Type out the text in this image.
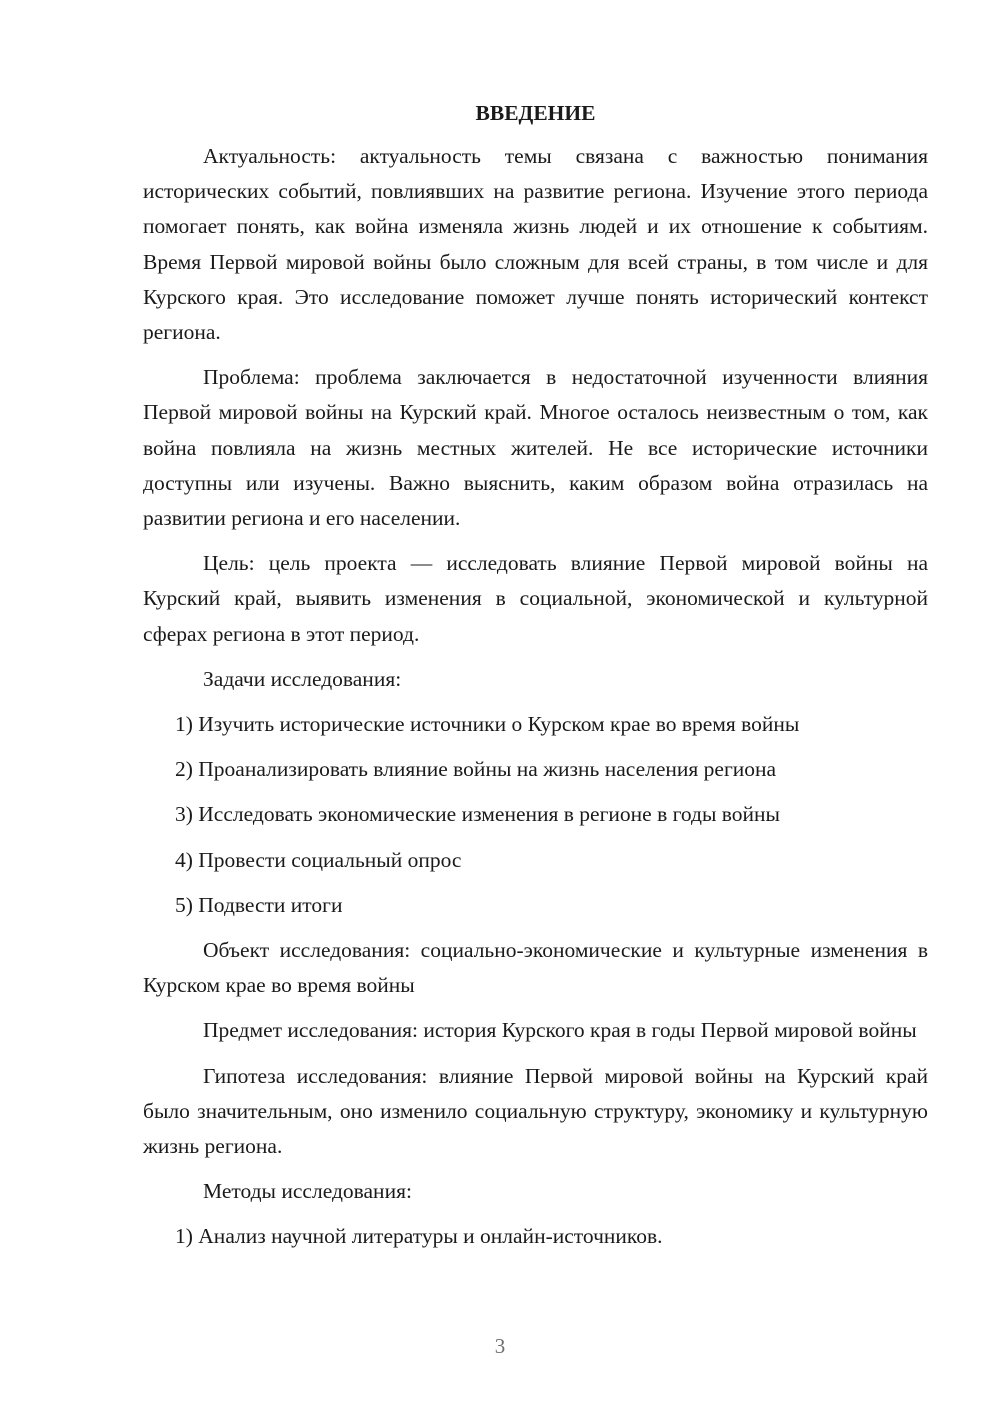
ВВЕДЕНИЕ

Актуальность: актуальность темы связана с важностью понимания исторических событий, повлиявших на развитие региона. Изучение этого периода помогает понять, как война изменяла жизнь людей и их отношение к событиям. Время Первой мировой войны было сложным для всей страны, в том числе и для Курского края. Это исследование поможет лучше понять исторический контекст региона.

Проблема: проблема заключается в недостаточной изученности влияния Первой мировой войны на Курский край. Многое осталось неизвестным о том, как война повлияла на жизнь местных жителей. Не все исторические источники доступны или изучены. Важно выяснить, каким образом война отразилась на развитии региона и его населении.

Цель: цель проекта — исследовать влияние Первой мировой войны на Курский край, выявить изменения в социальной, экономической и культурной сферах региона в этот период.

Задачи исследования:
1) Изучить исторические источники о Курском крае во время войны
2) Проанализировать влияние войны на жизнь населения региона
3) Исследовать экономические изменения в регионе в годы войны
4) Провести социальный опрос
5) Подвести итоги

Объект исследования: социально-экономические и культурные изменения в Курском крае во время войны

Предмет исследования: история Курского края в годы Первой мировой войны

Гипотеза исследования: влияние Первой мировой войны на Курский край было значительным, оно изменило социальную структуру, экономику и культурную жизнь региона.

Методы исследования:
1) Анализ научной литературы и онлайн-источников.
3
